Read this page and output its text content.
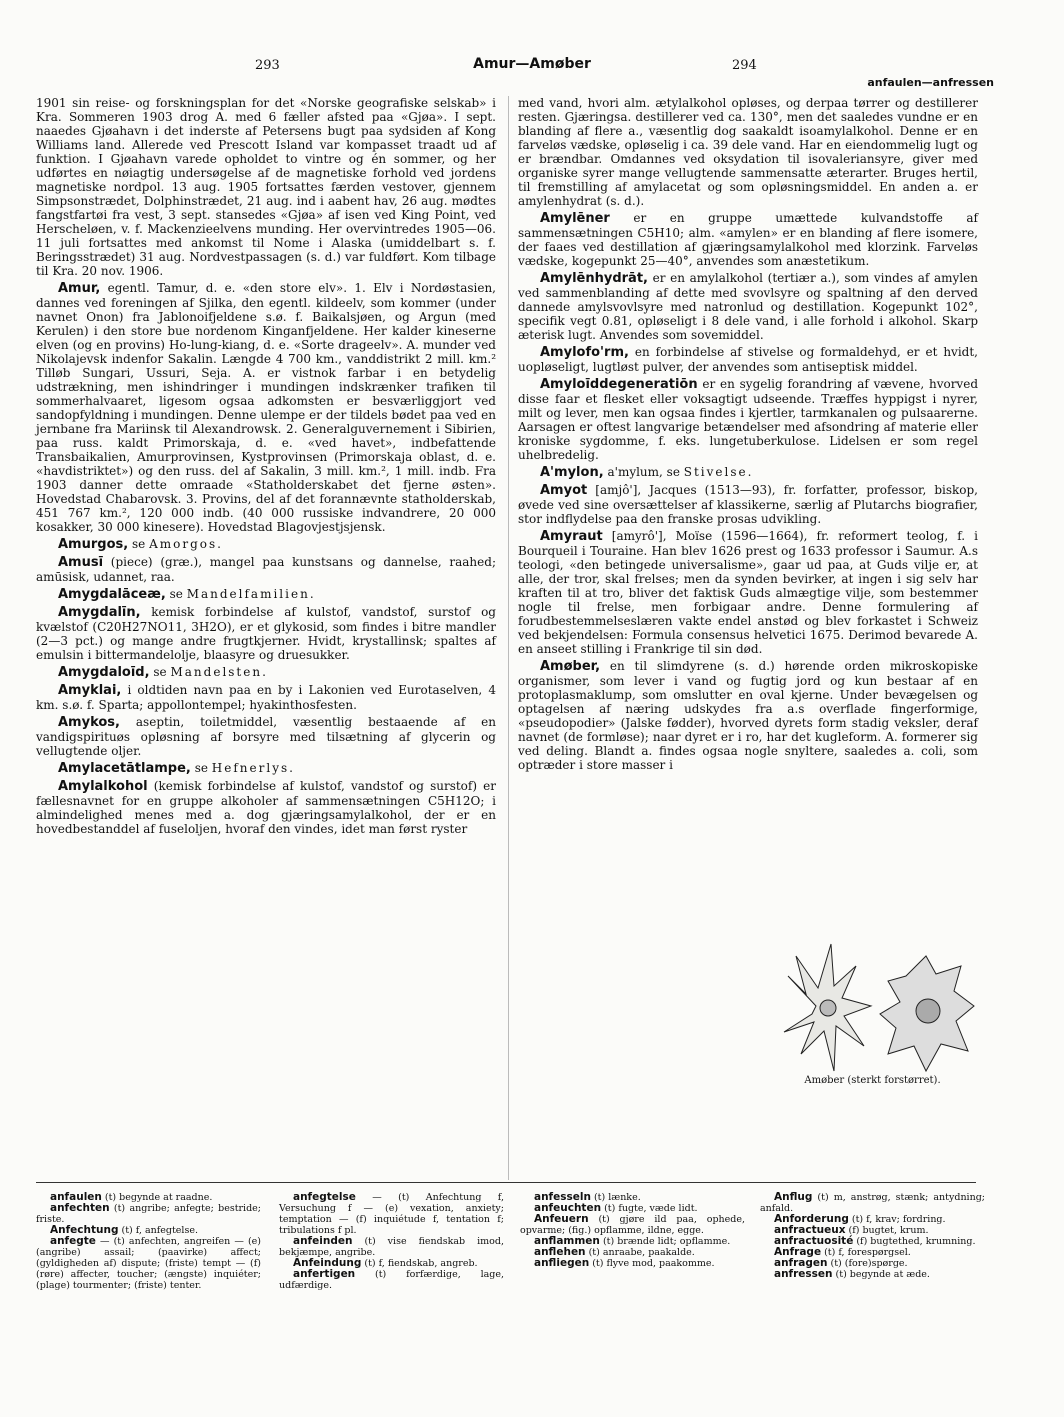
293	Amur—Amøber	294
anfaulen—anfressen

1901 sin reise- og forskningsplan for det «Norske geografiske selskab» i Kra. Sommeren 1903 drog A. med 6 fæller afsted paa «Gjøa». I sept. naaedes Gjøahavn i det inderste af Petersens bugt paa sydsiden af Kong Williams land. Allerede ved Prescott Island var kompasset traadt ud af funktion. I Gjøahavn varede opholdet to vintre og én sommer, og her udførtes en nøiagtig undersøgelse af de magnetiske forhold ved jordens magnetiske nordpol. 13 aug. 1905 fortsattes færden vestover, gjennem Simpsonstrædet, Dolphinstrædet, 21 aug. ind i aabent hav, 26 aug. mødtes fangstfartøi fra vest, 3 sept. stansedes «Gjøa» af isen ved King Point, ved Herscheløen, v. f. Mackenzieelvens munding. Her overvintredes 1905—06. 11 juli fortsattes med ankomst til Nome i Alaska (umiddelbart s. f. Beringsstrædet) 31 aug. Nordvestpassagen (s. d.) var fuldført. Kom tilbage til Kra. 20 nov. 1906.

Amur, egentl. Tamur, d. e. «den store elv». 1. Elv i Nordøstasien, dannes ved foreningen af Sjilka, den egentl. kildeelv, som kommer (under navnet Onon) fra Jablonoifjeldene s.ø. f. Baikalsjøen, og Argun (med Kerulen) i den store bue nordenom Kinganfjeldene. Her kalder kineserne elven (og en provins) Ho-lung-kiang, d. e. «Sorte drageelv». A. munder ved Nikolajevsk indenfor Sakalin. Længde 4 700 km., vanddistrikt 2 mill. km.² Tilløb Sungari, Ussuri, Seja. A. er vistnok farbar i en betydelig udstrækning, men ishindringer i mundingen indskrænker trafiken til sommerhalvaaret, ligesom ogsaa adkomsten er besværliggjort ved sandopfyldning i mundingen. Denne ulempe er der tildels bødet paa ved en jernbane fra Mariinsk til Alexandrowsk. 2. Generalguvernement i Sibirien, paa russ. kaldt Primorskaja, d. e. «ved havet», indbefattende Transbaikalien, Amurprovinsen, Kystprovinsen (Primorskaja oblast, d. e. «havdistriktet») og den russ. del af Sakalin, 3 mill. km.², 1 mill. indb. Fra 1903 danner dette omraade «Statholderskabet det fjerne østen». Hovedstad Chabarovsk. 3. Provins, del af det forannævnte statholderskab, 451 767 km.², 120 000 indb. (40 000 russiske indvandrere, 20 000 kosakker, 30 000 kinesere). Hovedstad Blagovjestjsjensk.

Amurgos, se Amorgos.

Amusī (piece) (græ.), mangel paa kunstsans og dannelse, raahed; amūsisk, udannet, raa.

Amygdalācеæ, se Mandelfamilien.

Amygdalīn, kemisk forbindelse af kulstof, vandstof, surstof og kvælstof (C20H27NO11, 3H2O), er et glykosid, som findes i bitre mandler (2—3 pct.) og mange andre frugtkjerner. Hvidt, krystallinsk; spaltes af emulsin i bittermandelolje, blaasyre og druesukker.

Amygdaloīd, se Mandelsten.

Amyklai, i oldtiden navn paa en by i Lakonien ved Eurotaselven, 4 km. s.ø. f. Sparta; appollontempel; hyakinthosfesten.

Amykos, aseptin, toiletmiddel, væsentlig bestaaende af en vandigspirituøs opløsning af borsyre med tilsætning af glycerin og vellugtende oljer.

Amylacetātlampe, se Hefnerlys.

Amylalkohol (kemisk forbindelse af kulstof, vandstof og surstof) er fællesnavnet for en gruppe alkoholer af sammensætningen C5H12O; i almindelighed menes med a. dog gjæringsamylalkohol, der er en hovedbestanddel af fuseloljen, hvoraf den vindes, idet man først ryster

med vand, hvori alm. ætylalkohol opløses, og derpaa tørrer og destillerer resten. Gjæringsa. destillerer ved ca. 130°, men det saaledes vundne er en blanding af flere a., væsentlig dog saakaldt isoamylalkohol. Denne er en farveløs vædske, opløselig i ca. 39 dele vand. Har en eiendommelig lugt og er brændbar. Omdannes ved oksydation til isovaleriansyre, giver med organiske syrer mange vellugtende sammensatte æterarter. Bruges hertil, til fremstilling af amylacetat og som opløsningsmiddel. En anden a. er amylenhydrat (s. d.).

Amylēner er en gruppe umættede kulvandstoffe af sammensætningen C5H10; alm. «amylen» er en blanding af flere isomere, der faaes ved destillation af gjæringsamylalkohol med klorzink. Farveløs vædske, kogepunkt 25—40°, anvendes som anæstetikum.

Amylēnhydrāt, er en amylalkohol (tertiær a.), som vindes af amylen ved sammenblanding af dette med svovlsyre og spaltning af den derved dannede amylsvovlsyre med natronlud og destillation. Kogepunkt 102°, specifik vegt 0.81, opløseligt i 8 dele vand, i alle forhold i alkohol. Skarp æterisk lugt. Anvendes som sovemiddel.

Amylofo'rm, en forbindelse af stivelse og formaldehyd, er et hvidt, uopløseligt, lugtløst pulver, der anvendes som antiseptisk middel.

Amyloīddegeneratiōn er en sygelig forandring af vævene, hvorved disse faar et flesket eller voksagtigt udseende. Træffes hyppigst i nyrer, milt og lever, men kan ogsaa findes i kjertler, tarmkanalen og pulsaarerne. Aarsagen er oftest langvarige betændelser med afsondring af materie eller kroniske sygdomme, f. eks. lungetuberkulose. Lidelsen er som regel uhelbredelig.

A'mylon, a'mylum, se Stivelse.

Amyot [amjô'], Jacques (1513—93), fr. forfatter, professor, biskop, øvede ved sine oversættelser af klassikerne, særlig af Plutarchs biografier, stor indflydelse paa den franske prosas udvikling.

Amyraut [amyrô'], Moïse (1596—1664), fr. reformert teolog, f. i Bourqueil i Touraine. Han blev 1626 prest og 1633 professor i Saumur. A.s teologi, «den betingede universalisme», gaar ud paa, at Guds vilje er, at alle, der tror, skal frelses; men da synden bevirker, at ingen i sig selv har kraften til at tro, bliver det faktisk Guds almægtige vilje, som bestemmer nogle til frelse, men forbigaar andre. Denne formulering af forudbestemmelseslæren vakte endel anstød og blev forkastet i Schweiz ved bekjendelsen: Formula consensus helvetici 1675. Derimod bevarede A. en anseet stilling i Frankrige til sin død.

Amøber, en til slimdyrene (s. d.) hørende orden mikroskopiske organismer, som lever i vand og fugtig jord og kun bestaar af en protoplasmaklump, som omslutter en oval kjerne. Under bevægelsen og optagelsen af næring udskydes fra a.s overflade fingerformige, «pseudopodier» (Jalske fødder), hvorved dyrets form stadig veksler, deraf navnet (de formløse); naar dyret er i ro, har det kugleform. A. formerer sig ved deling. Blandt a. findes ogsaa nogle snyltere, saaledes a. coli, som optræder i store masser i

Amøber (sterkt forstørret).

anfaulen (t) begynde at raadne.

anfechten (t) angribe; anfegte; bestride; friste.

Anfechtung (t) f, anfegtelse.

anfegte — (t) anfechten, angreifen — (e) (angribe) assail; (paavirke) affect; (gyldigheden af) dispute; (friste) tempt — (f) (rørе) affecter, toucher; (ængste) inquiéter; (plage) tourmenter; (friste) tenter.

anfegtelse — (t) Anfechtung f, Versuchung f — (e) vexation, anxiety; temptation — (f) inquiétude f, tentation f; tribulations f pl.

anfeinden (t) vise fiendskab imod, bekjæmpe, angribe.

Anfeindung (t) f, fiendskab, angreb.

anfertigen (t) forfærdige, lage, udfærdige.

anfesseln (t) lænke.

anfeuchten (t) fugte, væde lidt.

Anfeuern (t) gjøre ild paa, ophede, opvarme; (fig.) opflamme, ildne, egge.

anflammen (t) brænde lidt; opflamme.

anflehen (t) anraabe, paakalde.

anfliegen (t) flyve mod, paakomme.

Anflug (t) m, anstrøg, stænk; antydning; anfald.

Anforderung (t) f, krav; fordring.

anfractueux (f) bugtet, krum.

anfractuosité (f) bugtethed, krumning.

Anfrage (t) f, forespørgsel.

anfragen (t) (fore)spørge.

anfressen (t) begynde at æde.
